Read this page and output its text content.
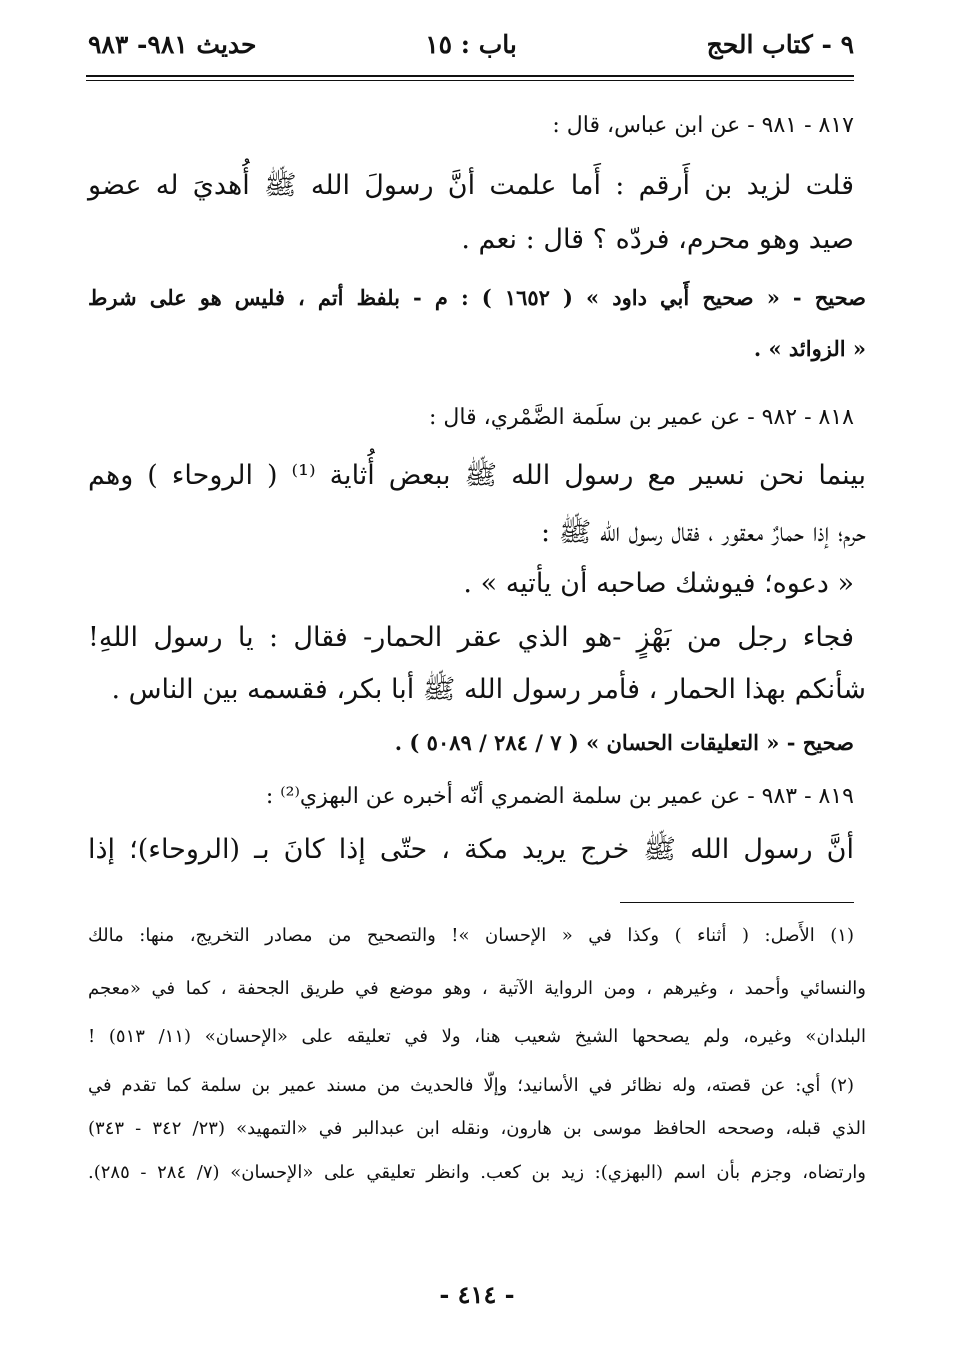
٩ - كتاب الحج
باب : ١٥
حديث ٩٨١- ٩٨٣
٨١٧ - ٩٨١ - عن ابن عباس، قال :
قلت لزيد بن أَرقم : أَما علمت أنَّ رسولَ الله ﷺ أُهديَ له عضو
صيد وهو محرم، فردّه ؟ قال : نعم .
صحيح - « صحيح أَبي داود » ( ١٦٥٢ ) : م - بلفظ أتم ، فليس هو على شرط
« الزوائد » .
٨١٨ - ٩٨٢ - عن عمير بن سلَمة الضَّمْري، قال :
بينما نحن نسير مع رسول الله ﷺ ببعض أُثاية ⁽¹⁾ ( الروحاء ) وهم
حرم؛ إذا حمارٌ معقور ، فقال رسول الله ﷺ :
« دعوه؛ فيوشك صاحبه أن يأتيه » .
فجاء رجل من بَهْزٍ -هو الذي عقر الحمار- فقال : يا رسول اللهِ!
شأنكم بهذا الحمار ، فأمر رسول الله ﷺ أبا بكر، فقسمه بين الناس .
صحيح - « التعليقات الحسان » ( ٧ / ٢٨٤ / ٥٠٨٩ ) .
٨١٩ - ٩٨٣ - عن عمير بن سلمة الضمري أنّه أخبره عن البهزي⁽²⁾ :
أنَّ رسول الله ﷺ خرج يريد مكة ، حتّى إذا كانَ بـ (الروحاء)؛ إذا
(١) الأَصل: ( أثناء ) وكذا في « الإحسان »! والتصحيح من مصادر التخريج، منها: مالك
والنسائي وأحمد ، وغيرهم ، ومن الرواية الآتية ، وهو موضع في طريق الجحفة ، كما في «معجم
البلدان» وغيره، ولم يصححها الشيخ شعيب هنا، ولا في تعليقه على «الإحسان» (١١/ ٥١٣) !
(٢) أي: عن قصته، وله نظائر في الأسانيد؛ وإلّا فالحديث من مسند عمير بن سلمة كما تقدم في
الذي قبله، وصححه الحافظ موسى بن هارون، ونقله ابن عبدالبر في «التمهيد» (٢٣/ ٣٤٢ - ٣٤٣)
وارتضاه، وجزم بأن اسم (البهزي): زيد بن كعب. وانظر تعليقي على «الإحسان» (٧/ ٢٨٤ - ٢٨٥).
- ٤١٤ -
